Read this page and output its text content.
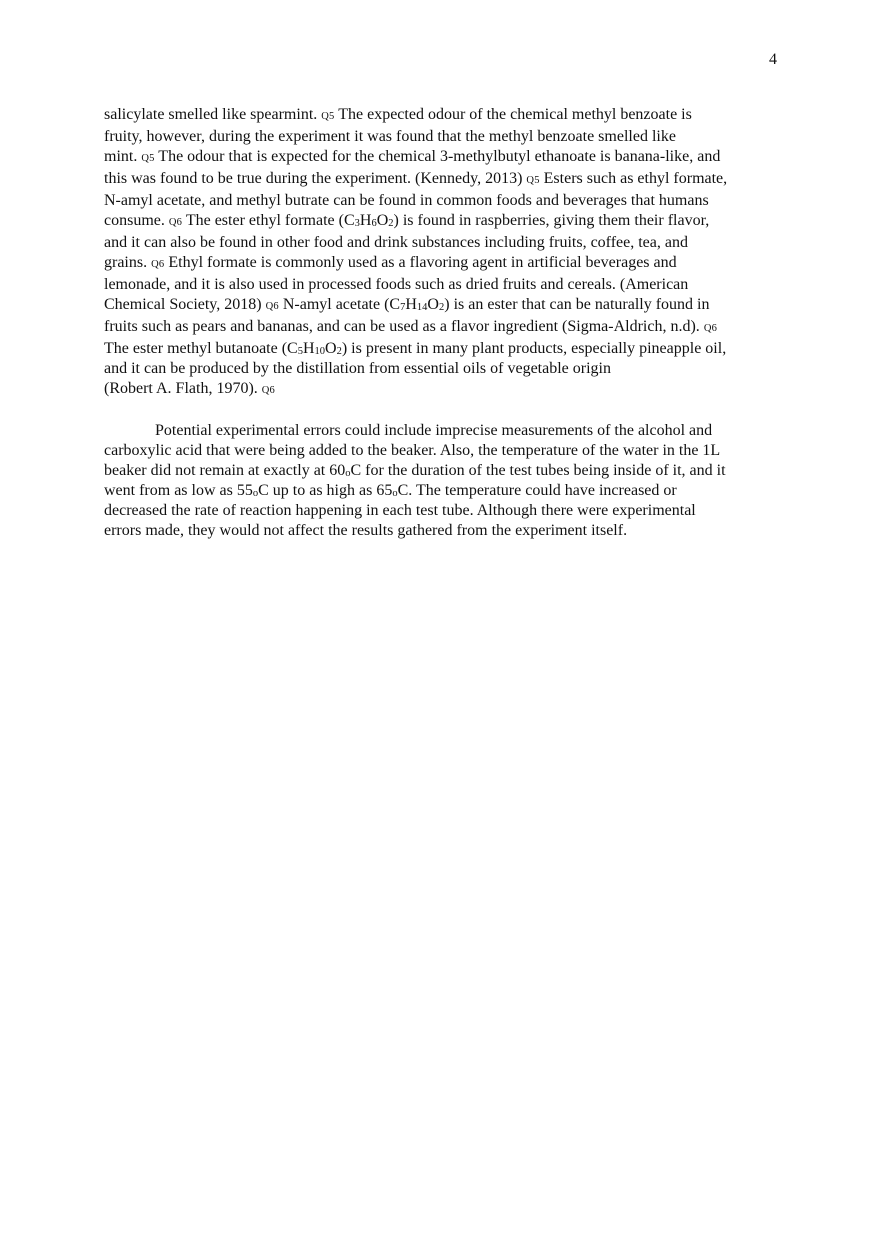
4
salicylate smelled like spearmint. Q5 The expected odour of the chemical methyl benzoate is
fruity, however, during the experiment it was found that the methyl benzoate smelled like
mint. Q5 The odour that is expected for the chemical 3-methylbutyl ethanoate is banana-like, and
this was found to be true during the experiment. (Kennedy, 2013) Q5 Esters such as ethyl formate,
N-amyl acetate, and methyl butrate can be found in common foods and beverages that humans
consume. Q6 The ester ethyl formate $(C_3H_6O_2)$ is found in raspberries, giving them their flavor,
and it can also be found in other food and drink substances including fruits, coffee, tea, and
grains. Q6 Ethyl formate is commonly used as a flavoring agent in artificial beverages and
lemonade, and it is also used in processed foods such as dried fruits and cereals. (American
Chemical Society, 2018) Q6 N-amyl acetate $(C_7H_{14}O_2)$ is an ester that can be naturally found in
fruits such as pears and bananas, and can be used as a flavor ingredient (Sigma-Aldrich, n.d). Q6
The ester methyl butanoate $(C_5H_{10}O_2)$ is present in many plant products, especially pineapple oil,
and it can be produced by the distillation from essential oils of vegetable origin
(Robert A. Flath, 1970). Q6
Potential experimental errors could include imprecise measurements of the alcohol and
carboxylic acid that were being added to the beaker. Also, the temperature of the water in the 1L
beaker did not remain at exactly at 60oC for the duration of the test tubes being inside of it, and it
went from as low as 55oC up to as high as 65oC. The temperature could have increased or
decreased the rate of reaction happening in each test tube. Although there were experimental
errors made, they would not affect the results gathered from the experiment itself.
